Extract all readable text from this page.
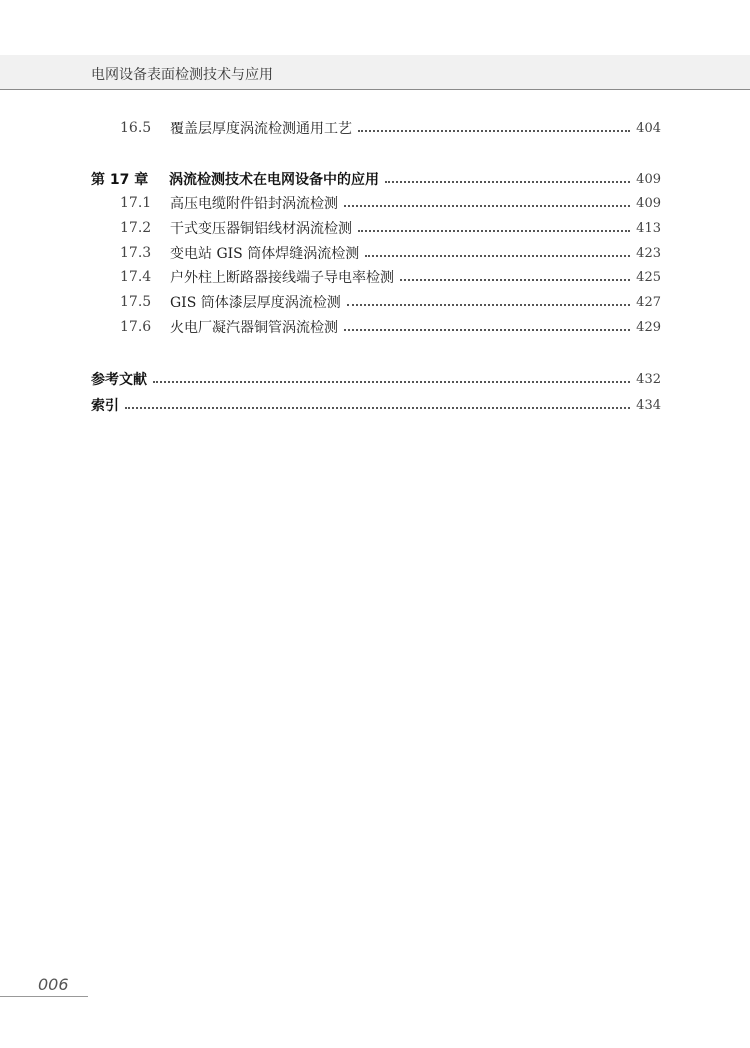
电网设备表面检测技术与应用
16.5	覆盖层厚度涡流检测通用工艺	404
第 17 章	涡流检测技术在电网设备中的应用	409
17.1	高压电缆附件铅封涡流检测	409
17.2	干式变压器铜铝线材涡流检测	413
17.3	变电站 GIS 筒体焊缝涡流检测	423
17.4	户外柱上断路器接线端子导电率检测	425
17.5	GIS 筒体漆层厚度涡流检测	427
17.6	火电厂凝汽器铜管涡流检测	429
参考文献	432
索引	434
006
